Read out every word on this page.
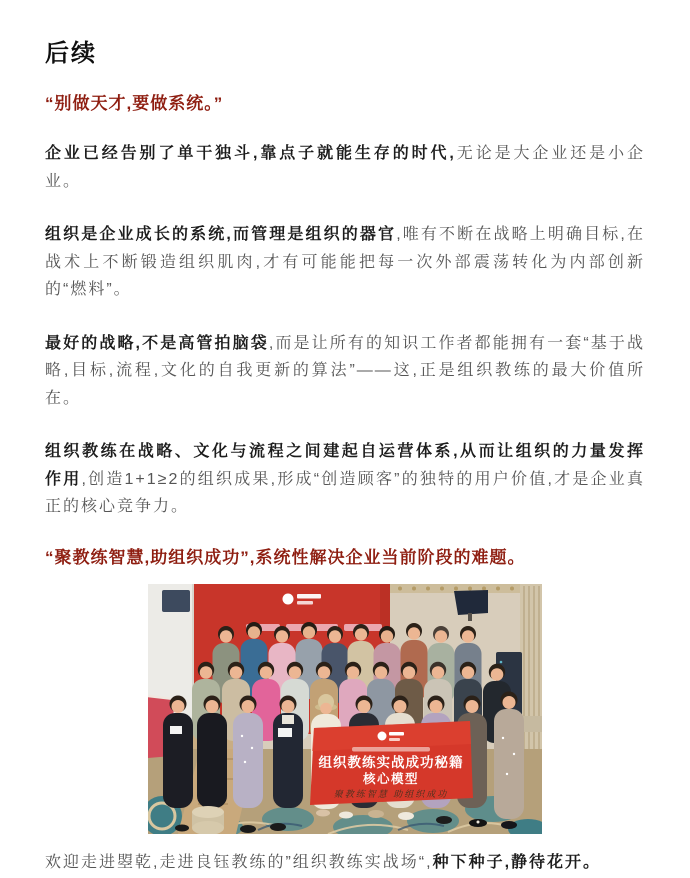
后续

“别做天才,要做系统。”

企业已经告别了单干独斗,靠点子就能生存的时代,无论是大企业还是小企业。

组织是企业成长的系统,而管理是组织的器官,唯有不断在战略上明确目标,在战术上不断锻造组织肌肉,才有可能能把每一次外部震荡转化为内部创新的“燃料”。

最好的战略,不是高管拍脑袋,而是让所有的知识工作者都能拥有一套“基于战略,目标,流程,文化的自我更新的算法”——这,正是组织教练的最大价值所在。

组织教练在战略、文化与流程之间建起自运营体系,从而让组织的力量发挥作用,创造1+1≥2的组织成果,形成“创造顾客”的独特的用户价值,才是企业真正的核心竞争力。

“聚教练智慧,助组织成功”,系统性解决企业当前阶段的难题。

组织教练实战成功秘籍
核心模型
聚教练智慧 助组织成功

欢迎走进曌乾,走进良钰教练的”组织教练实战场“,种下种子,静待花开。
